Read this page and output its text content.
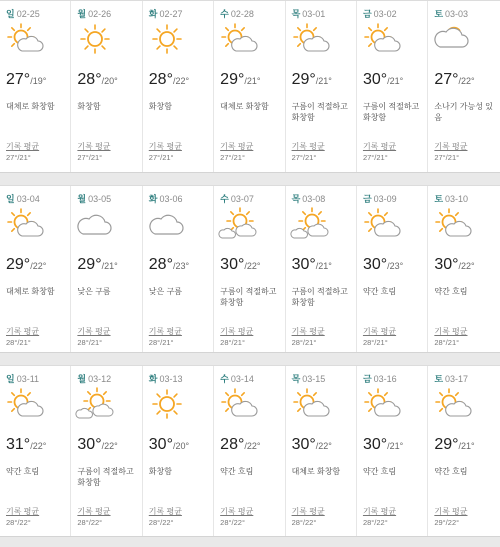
일 02-25
27°/19°
대체로 화창함
기록 평균
27°/21°
월 02-26
28°/20°
화창함
기록 평균
27°/21°
화 02-27
28°/22°
화창함
기록 평균
27°/21°
수 02-28
29°/21°
대체로 화창함
기록 평균
27°/21°
목 03-01
29°/21°
구름이 적절하고 화창함
기록 평균
27°/21°
금 03-02
30°/21°
구름이 적절하고 화창함
기록 평균
27°/21°
토 03-03
27°/22°
소나기 가능성 있음
기록 평균
27°/21°
일 03-04
29°/22°
대체로 화창함
기록 평균
28°/21°
월 03-05
29°/21°
낮은 구름
기록 평균
28°/21°
화 03-06
28°/23°
낮은 구름
기록 평균
28°/21°
수 03-07
30°/22°
구름이 적절하고 화창함
기록 평균
28°/21°
목 03-08
30°/21°
구름이 적절하고 화창함
기록 평균
28°/21°
금 03-09
30°/23°
약간 흐림
기록 평균
28°/21°
토 03-10
30°/22°
약간 흐림
기록 평균
28°/21°
일 03-11
31°/22°
약간 흐림
기록 평균
28°/22°
월 03-12
30°/22°
구름이 적절하고 화창함
기록 평균
28°/22°
화 03-13
30°/20°
화창함
기록 평균
28°/22°
수 03-14
28°/22°
약간 흐림
기록 평균
28°/22°
목 03-15
30°/22°
대체로 화창함
기록 평균
28°/22°
금 03-16
30°/21°
약간 흐림
기록 평균
28°/22°
토 03-17
29°/21°
약간 흐림
기록 평균
29°/22°
